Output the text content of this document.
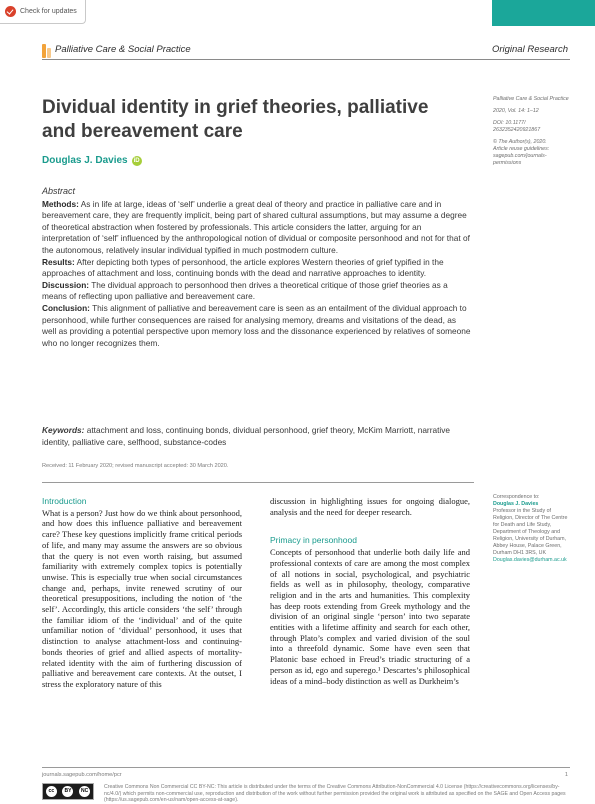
Check for updates
Palliative Care & Social Practice	Original Research
Dividual identity in grief theories, palliative and bereavement care
Douglas J. Davies	iD
Palliative Care & Social Practice
2020, Vol. 14: 1–12
DOI: 10.1177/
2632352420921867
© The Author(s), 2020.
Article reuse guidelines:
sagepub.com/journals-
permissions
Abstract

Methods: As in life at large, ideas of ‘self’ underlie a great deal of theory and practice in palliative care and in bereavement care, they are frequently implicit, being part of shared cultural assumptions, but may assume a degree of theoretical abstraction when fostered by professionals. This article considers the latter, arguing for an interpretation of ‘self’ influenced by the anthropological notion of dividual or composite personhood and not for that of the autonomous, relatively insular individual typified in much postmodern culture.

Results: After depicting both types of personhood, the article explores Western theories of grief typified in the approaches of attachment and loss, continuing bonds with the dead and narrative approaches to identity.

Discussion: The dividual approach to personhood then drives a theoretical critique of those grief theories as a means of reflecting upon palliative and bereavement care.

Conclusion: This alignment of palliative and bereavement care is seen as an entailment of the dividual approach to personhood, while further consequences are raised for analysing memory, dreams and visitations of the dead, as well as providing a potential perspective upon memory loss and the dissonance experienced by relatives of someone who no longer recognizes them.

Keywords: attachment and loss, continuing bonds, dividual personhood, grief theory, McKim Marriott, narrative identity, palliative care, selfhood, substance-codes
Received: 11 February 2020; revised manuscript accepted: 30 March 2020.
Introduction

What is a person? Just how do we think about personhood, and how does this influence palliative and bereavement care? These key questions implicitly frame critical periods of life, and many may assume the answers are so obvious that the query is not even worth raising, but assumed familiarity with extremely complex topics is potentially unwise. This is especially true when social circumstances change and, perhaps, invite renewed scrutiny of our theoretical presuppositions, including the notion of ‘the self’. Accordingly, this article considers ‘the self’ through the familiar idiom of the ‘individual’ and of the quite unfamiliar notion of ‘dividual’ personhood, it uses that distinction to analyse attachment-loss and continuing-bonds theories of grief and allied aspects of mortality-related identity with the aim of furthering discussion of palliative and bereavement care contexts. At the outset, I stress the exploratory nature of this

discussion in highlighting issues for ongoing dialogue, analysis and the need for deeper research.

Primacy in personhood

Concepts of personhood that underlie both daily life and professional contexts of care are among the most complex of all notions in social, psychological, and psychiatric fields as well as in philosophy, theology, comparative religion and in the arts and humanities. This complexity has deep roots extending from Greek mythology and the division of an original single ‘person’ into two separate entities with a lifetime affinity and search for each other, through Plato’s complex and varied division of the soul into a threefold dynamic. Some have even seen that Platonic base echoed in Freud’s triadic structuring of a person as id, ego and superego.¹ Descartes’s philosophical ideas of a mind–body distinction as well as Durkheim’s

Correspondence to:
Douglas J. Davies
Professor in the Study of Religion, Director of The Centre for Death and Life Study, Department of Theology and Religion, University of Durham, Abbey House, Palace Green, Durham DH1 3RS, UK
Douglas.davies@durham.ac.uk
journals.sagepub.com/home/pcr	1
cc	BY	NC
Creative Commons Non Commercial CC BY-NC: This article is distributed under the terms of the Creative Commons Attribution-NonCommercial 4.0 License (https://creativecommons.org/licenses/by-nc/4.0/) which permits non-commercial use, reproduction and distribution of the work without further permission provided the original work is attributed as specified on the SAGE and Open Access pages (https://us.sagepub.com/en-us/nam/open-access-at-sage).
